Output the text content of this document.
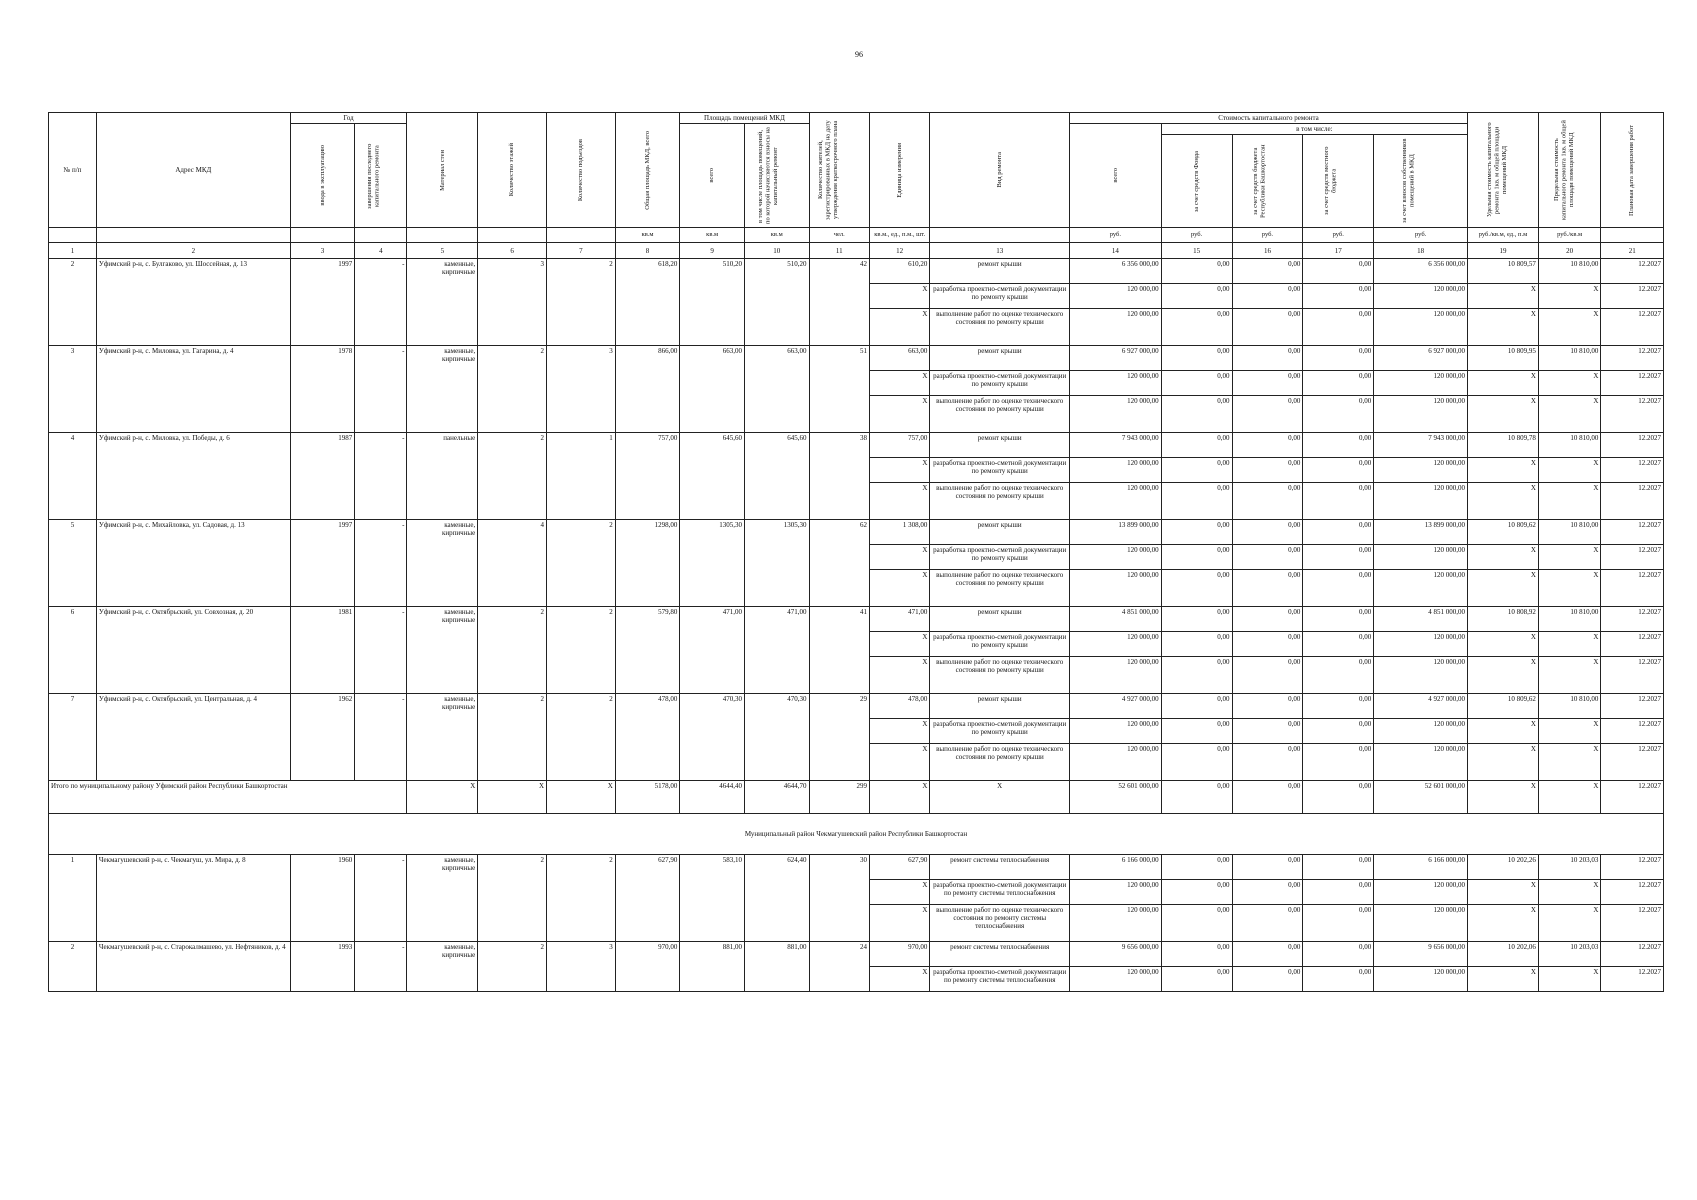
96
№ п/п	Адрес МКД	Год		Материал стен	Количество этажей	Количество подъездов	Общая площадь МКД, всего	Площадь помещений МКД		Количество жителей, зарегистрированных в МКД на дату утверждения краткосрочного плана	Единица измерения	Вид ремонта	Стоимость капитального ремонта					Удельная стоимость капитального ремонта 1кв. м общей площади помещений МКД	Предельная стоимость капитального ремонта 1кв. м общей площади помещений МКД	Плановая дата завершения работ

		ввода в эксплуатацию	завершения последнего капитального ремонта					всего	в том числе площадь помещений, по которой начисляются взносы на капитальный ремонт				всего	в том числе:						

														за счет средств Фонда	за счет средств бюджета Республики Башкортостан	за счет средств местного бюджета	за счет взносов собственников помещений в МКД			

							кв.м	кв.м	кв.м	чел.	кв.м., ед., п.м., шт.		руб.	руб.	руб.	руб.	руб.	руб./кв.м, ед., п.м	руб./кв.м	
1	2	3	4	5	6	7	8	9	10	11	12	13	14	15	16	17	18	19	20	21
2	Уфимский р-н, с. Булгаково, ул. Шоссейная, д. 13	1997	-	каменные, кирпичные	3	2	618,20	510,20	510,20	42	610,20	ремонт крыши	6 356 000,00	0,00	0,00	0,00	6 356 000,00	10 809,57	10 810,00	12.2027
											X	разработка проектно-сметной документации по ремонту крыши	120 000,00	0,00	0,00	0,00	120 000,00	X	X	12.2027
											X	выполнение работ по оценке технического состояния по ремонту крыши	120 000,00	0,00	0,00	0,00	120 000,00	X	X	12.2027
3	Уфимский р-н, с. Миловка, ул. Гагарина, д. 4	1978	-	каменные, кирпичные	2	3	866,00	663,00	663,00	51	663,00	ремонт крыши	6 927 000,00	0,00	0,00	0,00	6 927 000,00	10 809,95	10 810,00	12.2027
											X	разработка проектно-сметной документации по ремонту крыши	120 000,00	0,00	0,00	0,00	120 000,00	X	X	12.2027
											X	выполнение работ по оценке технического состояния по ремонту крыши	120 000,00	0,00	0,00	0,00	120 000,00	X	X	12.2027
4	Уфимский р-н, с. Миловка, ул. Победы, д. 6	1987	-	панельные	2	1	757,00	645,60	645,60	38	757,00	ремонт крыши	7 943 000,00	0,00	0,00	0,00	7 943 000,00	10 809,78	10 810,00	12.2027
											X	разработка проектно-сметной документации по ремонту крыши	120 000,00	0,00	0,00	0,00	120 000,00	X	X	12.2027
											X	выполнение работ по оценке технического состояния по ремонту крыши	120 000,00	0,00	0,00	0,00	120 000,00	X	X	12.2027
5	Уфимский р-н, с. Михайловка, ул. Садовая, д. 13	1997	-	каменные, кирпичные	4	2	1298,00	1305,30	1305,30	62	1 308,00	ремонт крыши	13 899 000,00	0,00	0,00	0,00	13 899 000,00	10 809,62	10 810,00	12.2027
											X	разработка проектно-сметной документации по ремонту крыши	120 000,00	0,00	0,00	0,00	120 000,00	X	X	12.2027
											X	выполнение работ по оценке технического состояния по ремонту крыши	120 000,00	0,00	0,00	0,00	120 000,00	X	X	12.2027
6	Уфимский р-н, с. Октябрьский, ул. Совхозная, д. 20	1981	-	каменные, кирпичные	2	2	579,80	471,00	471,00	41	471,00	ремонт крыши	4 851 000,00	0,00	0,00	0,00	4 851 000,00	10 808,92	10 810,00	12.2027
											X	разработка проектно-сметной документации по ремонту крыши	120 000,00	0,00	0,00	0,00	120 000,00	X	X	12.2027
											X	выполнение работ по оценке технического состояния по ремонту крыши	120 000,00	0,00	0,00	0,00	120 000,00	X	X	12.2027
7	Уфимский р-н, с. Октябрьский, ул. Центральная, д. 4	1962	-	каменные, кирпичные	2	2	478,00	470,30	470,30	29	478,00	ремонт крыши	4 927 000,00	0,00	0,00	0,00	4 927 000,00	10 809,62	10 810,00	12.2027
											X	разработка проектно-сметной документации по ремонту крыши	120 000,00	0,00	0,00	0,00	120 000,00	X	X	12.2027
											X	выполнение работ по оценке технического состояния по ремонту крыши	120 000,00	0,00	0,00	0,00	120 000,00	X	X	12.2027
Итого по муниципальному району Уфимский район Республики Башкортостан				X	X	X	5178,00	4644,40	4644,70	299	X	X	52 601 000,00	0,00	0,00	0,00	52 601 000,00	X	X	12.2027
Муниципальный район Чекмагушевский район Республики Башкортостан																				
1	Чекмагушевский р-н, с. Чекмагуш, ул. Мира, д. 8	1960	-	каменные, кирпичные	2	2	627,90	583,10	624,40	30	627,90	ремонт системы теплоснабжения	6 166 000,00	0,00	0,00	0,00	6 166 000,00	10 202,26	10 203,03	12.2027
											X	разработка проектно-сметной документации по ремонту системы теплоснабжения	120 000,00	0,00	0,00	0,00	120 000,00	X	X	12.2027
											X	выполнение работ по оценке технического состояния по ремонту системы теплоснабжения	120 000,00	0,00	0,00	0,00	120 000,00	X	X	12.2027
2	Чекмагушевский р-н, с. Старокалмашево, ул. Нефтяников, д. 4	1993	-	каменные, кирпичные	2	3	970,00	881,00	881,00	24	970,00	ремонт системы теплоснабжения	9 656 000,00	0,00	0,00	0,00	9 656 000,00	10 202,06	10 203,03	12.2027
											X	разработка проектно-сметной документации по ремонту системы теплоснабжения	120 000,00	0,00	0,00	0,00	120 000,00	X	X	12.2027
